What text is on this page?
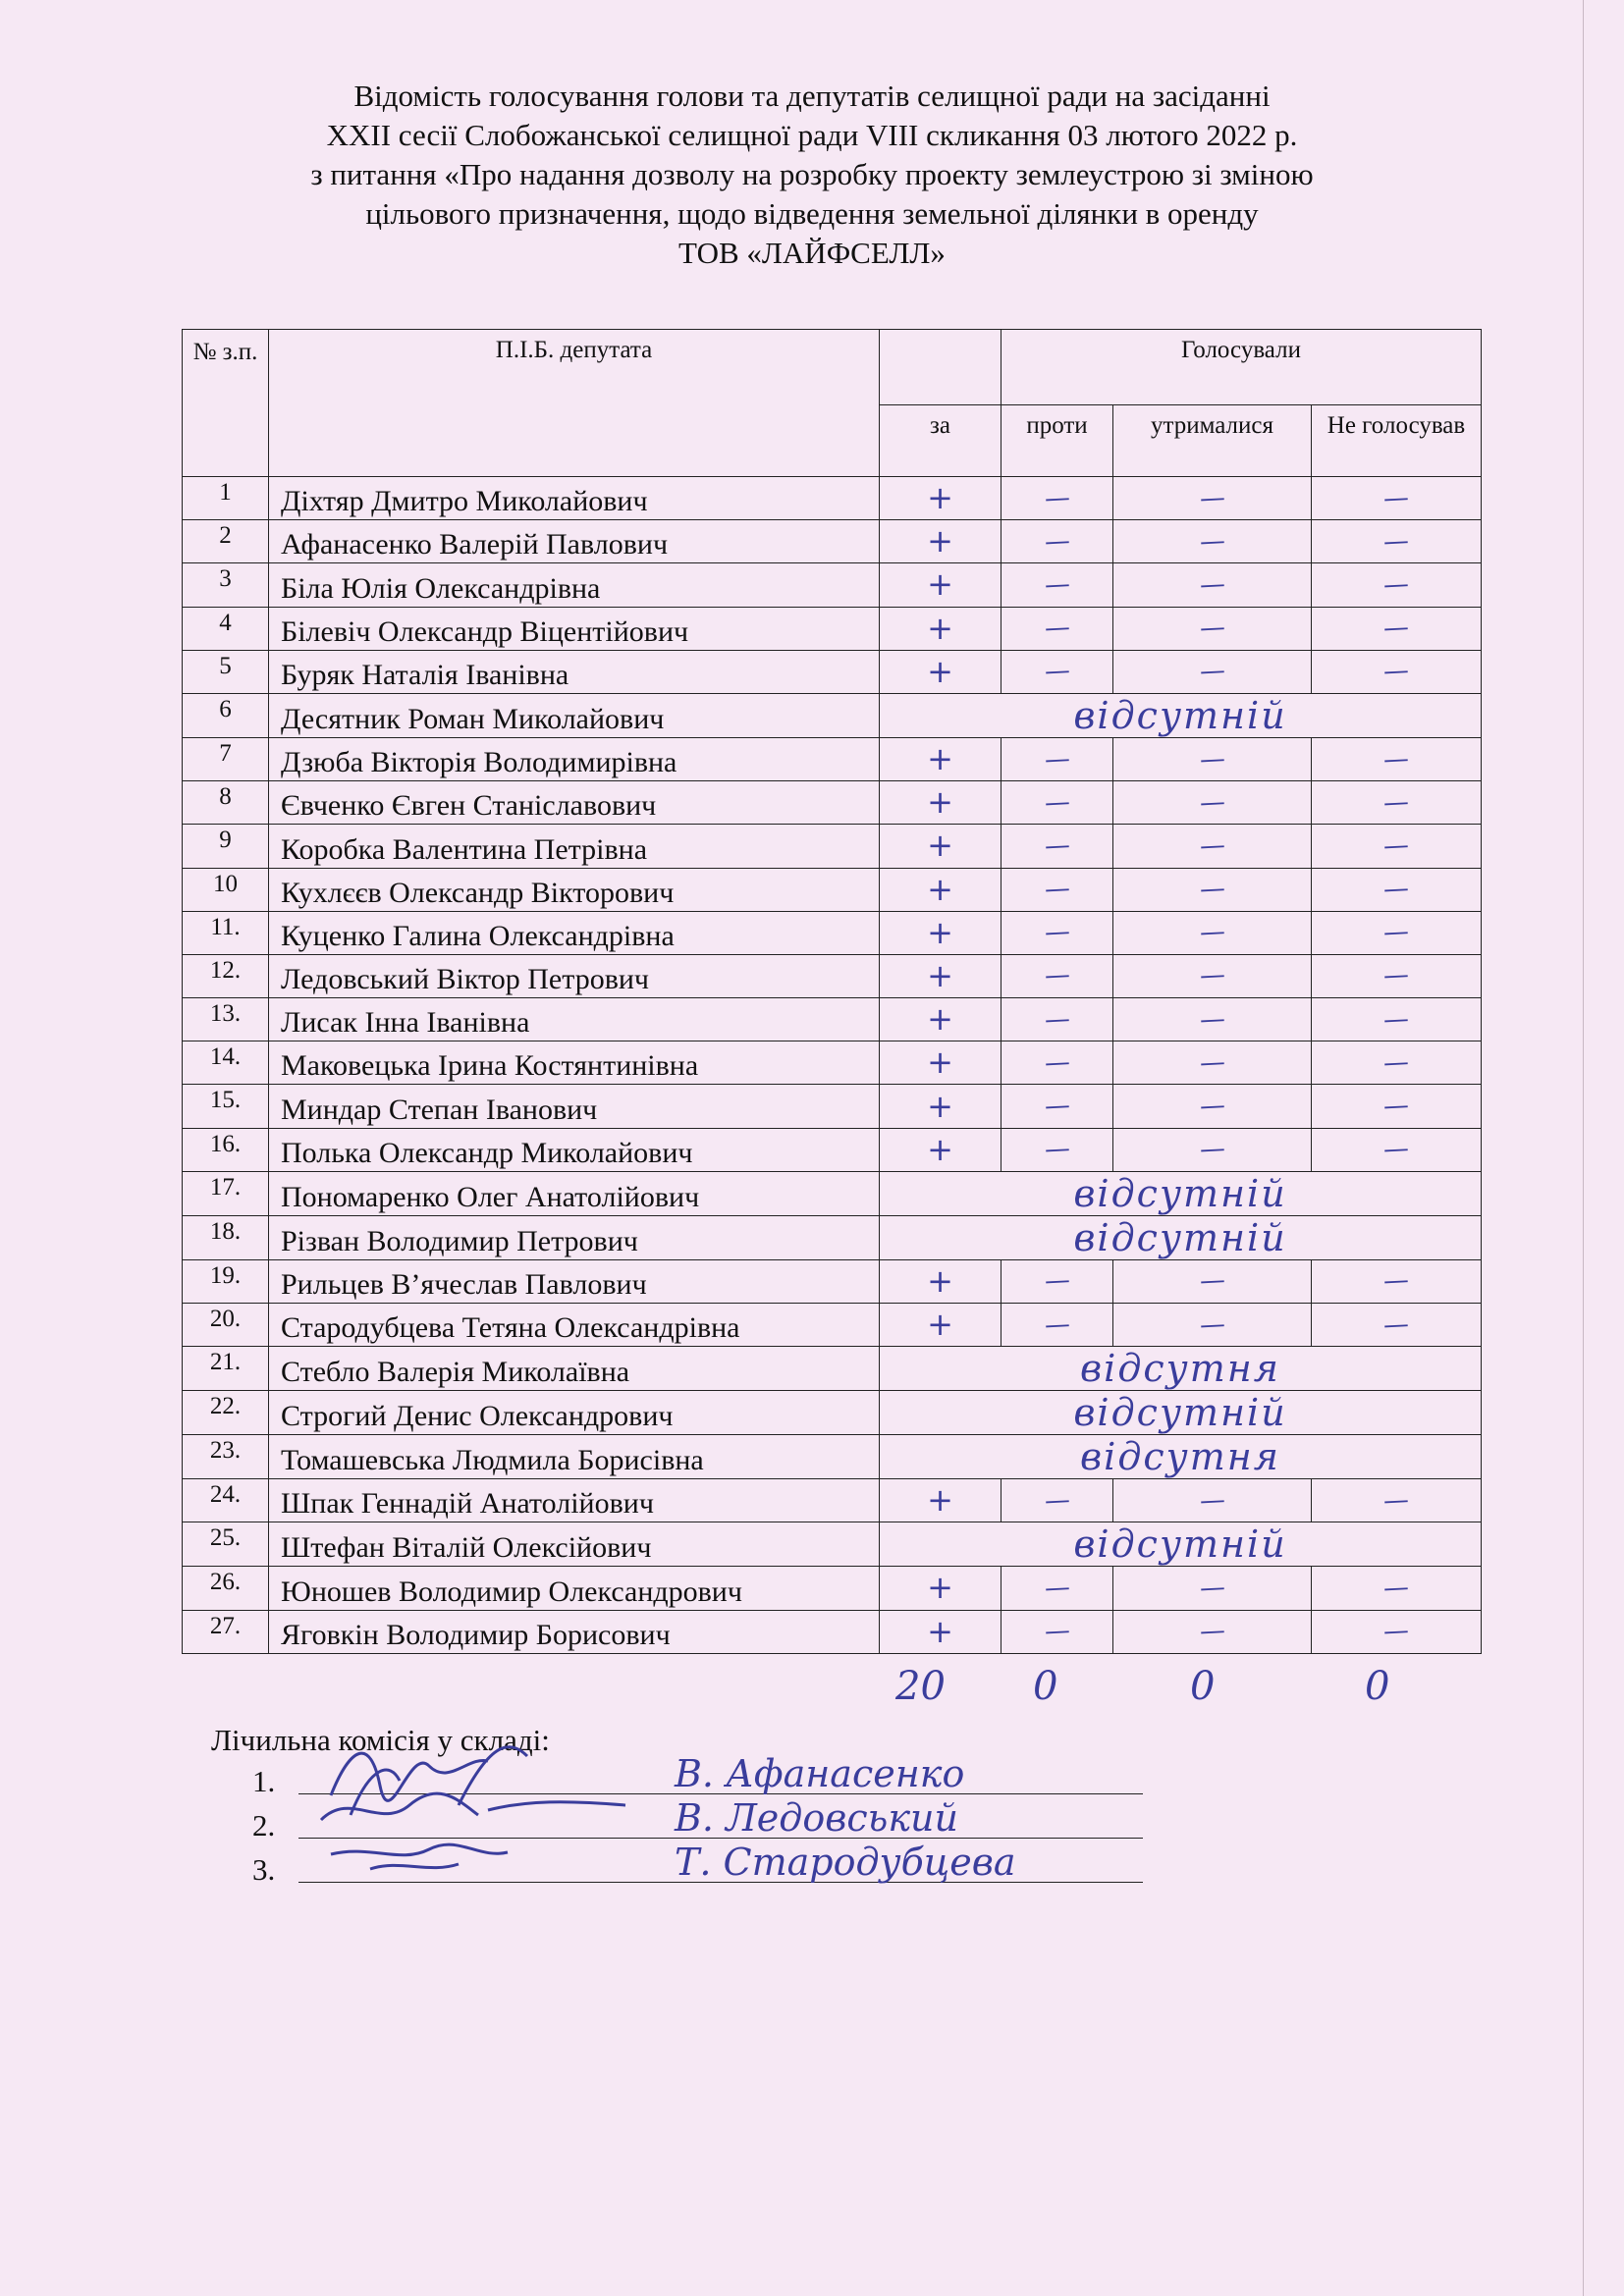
Відомість голосування голови та депутатів селищної ради на засіданні
XXII сесії Слобожанської селищної ради VIII скликання 03 лютого 2022 р.
з питання «Про надання дозволу на розробку проекту землеустрою зі зміною
цільового призначення, щодо відведення земельної ділянки в оренду
ТОВ «ЛАЙФСЕЛЛ»
№ з.п.	П.І.Б. депутата		Голосували		
		за	проти	утрималися	Не голосував
1	Діхтяр Дмитро Миколайович	+	—	—	—
2	Афанасенко Валерій Павлович	+	—	—	—
3	Біла Юлія Олександрівна	+	—	—	—
4	Білевіч Олександр Віцентійович	+	—	—	—
5	Буряк Наталія Іванівна	+	—	—	—
6	Десятник Роман Миколайович	відсутній			
7	Дзюба Вікторія Володимирівна	+	—	—	—
8	Євченко Євген Станіславович	+	—	—	—
9	Коробка Валентина Петрівна	+	—	—	—
10	Кухлєєв Олександр Вікторович	+	—	—	—
11.	Куценко Галина Олександрівна	+	—	—	—
12.	Ледовський Віктор Петрович	+	—	—	—
13.	Лисак Інна Іванівна	+	—	—	—
14.	Маковецька Ірина Костянтинівна	+	—	—	—
15.	Миндар Степан Іванович	+	—	—	—
16.	Полька Олександр Миколайович	+	—	—	—
17.	Пономаренко Олег Анатолійович	відсутній			
18.	Різван Володимир Петрович	відсутній			
19.	Рильцев В’ячеслав Павлович	+	—	—	—
20.	Стародубцева Тетяна Олександрівна	+	—	—	—
21.	Стебло Валерія Миколаївна	відсутня			
22.	Строгий Денис Олександрович	відсутній			
23.	Томашевська Людмила Борисівна	відсутня			
24.	Шпак Геннадій Анатолійович	+	—	—	—
25.	Штефан Віталій Олексійович	відсутній			
26.	Юношев Володимир Олександрович	+	—	—	—
27.	Яговкін Володимир Борисович	+	—	—	—
20 0	0	0
Лічильна комісія у складі:
1.	В. Афанасенко
2.	В. Ледовський
3.	Т. Стародубцева
